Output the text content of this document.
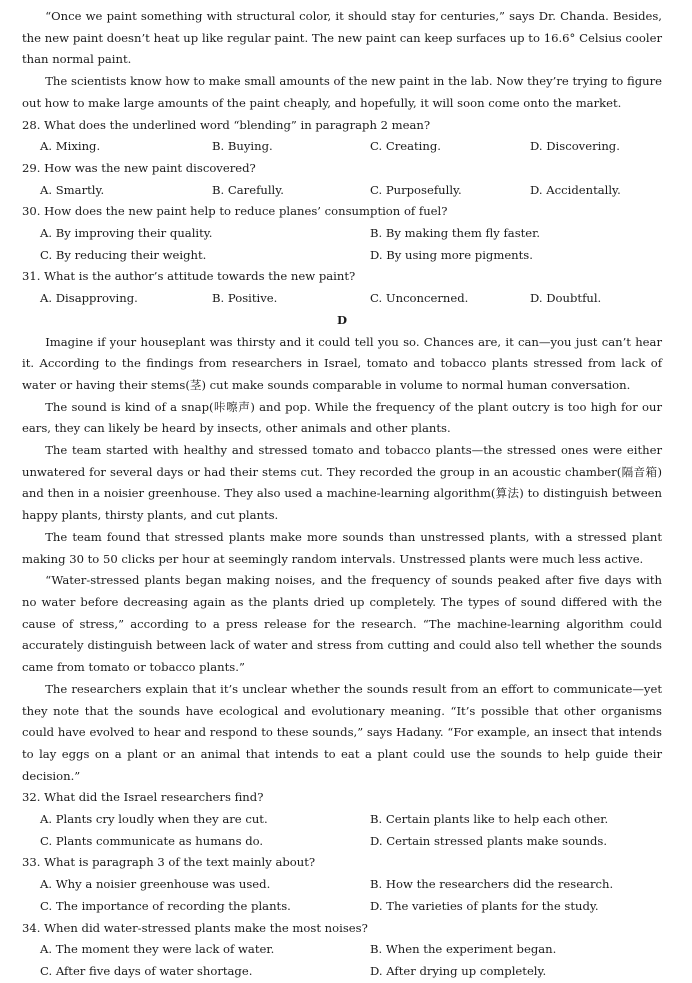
“Once we paint something with structural color, it should stay for centuries,” says Dr. Chanda. Besides, the new paint doesn’t heat up like regular paint. The new paint can keep surfaces up to 16.6° Celsius cooler than normal paint.

The scientists know how to make small amounts of the new paint in the lab. Now they’re trying to figure out how to make large amounts of the paint cheaply, and hopefully, it will soon come onto the market.

28. What does the underlined word “blending” in paragraph 2 mean?
A. Mixing.	B. Buying.	C. Creating.	D. Discovering.
29. How was the new paint discovered?
A. Smartly.	B. Carefully.	C. Purposefully.	D. Accidentally.
30. How does the new paint help to reduce planes’ consumption of fuel?
A. By improving their quality.	B. By making them fly faster.
C. By reducing their weight.	D. By using more pigments.
31. What is the author’s attitude towards the new paint?
A. Disapproving.	B. Positive.	C. Unconcerned.	D. Doubtful.
D

Imagine if your houseplant was thirsty and it could tell you so. Chances are, it can—you just can’t hear it. According to the findings from researchers in Israel, tomato and tobacco plants stressed from lack of water or having their stems(茎) cut make sounds comparable in volume to normal human conversation.

The sound is kind of a snap(咔嚓声) and pop. While the frequency of the plant outcry is too high for our ears, they can likely be heard by insects, other animals and other plants.

The team started with healthy and stressed tomato and tobacco plants—the stressed ones were either unwatered for several days or had their stems cut. They recorded the group in an acoustic chamber(隔音箱) and then in a noisier greenhouse. They also used a machine-learning algorithm(算法) to distinguish between happy plants, thirsty plants, and cut plants.

The team found that stressed plants make more sounds than unstressed plants, with a stressed plant making 30 to 50 clicks per hour at seemingly random intervals. Unstressed plants were much less active.

“Water-stressed plants began making noises, and the frequency of sounds peaked after five days with no water before decreasing again as the plants dried up completely. The types of sound differed with the cause of stress,” according to a press release for the research. “The machine-learning algorithm could accurately distinguish between lack of water and stress from cutting and could also tell whether the sounds came from tomato or tobacco plants.”

The researchers explain that it’s unclear whether the sounds result from an effort to communicate—yet they note that the sounds have ecological and evolutionary meaning. “It’s possible that other organisms could have evolved to hear and respond to these sounds,” says Hadany. “For example, an insect that intends to lay eggs on a plant or an animal that intends to eat a plant could use the sounds to help guide their decision.”

32. What did the Israel researchers find?
A. Plants cry loudly when they are cut.	B. Certain plants like to help each other.
C. Plants communicate as humans do.	D. Certain stressed plants make sounds.
33. What is paragraph 3 of the text mainly about?
A. Why a noisier greenhouse was used.	B. How the researchers did the research.
C. The importance of recording the plants.	D. The varieties of plants for the study.
34. When did water-stressed plants make the most noises?
A. The moment they were lack of water.	B. When the experiment began.
C. After five days of water shortage.	D. After drying up completely.
